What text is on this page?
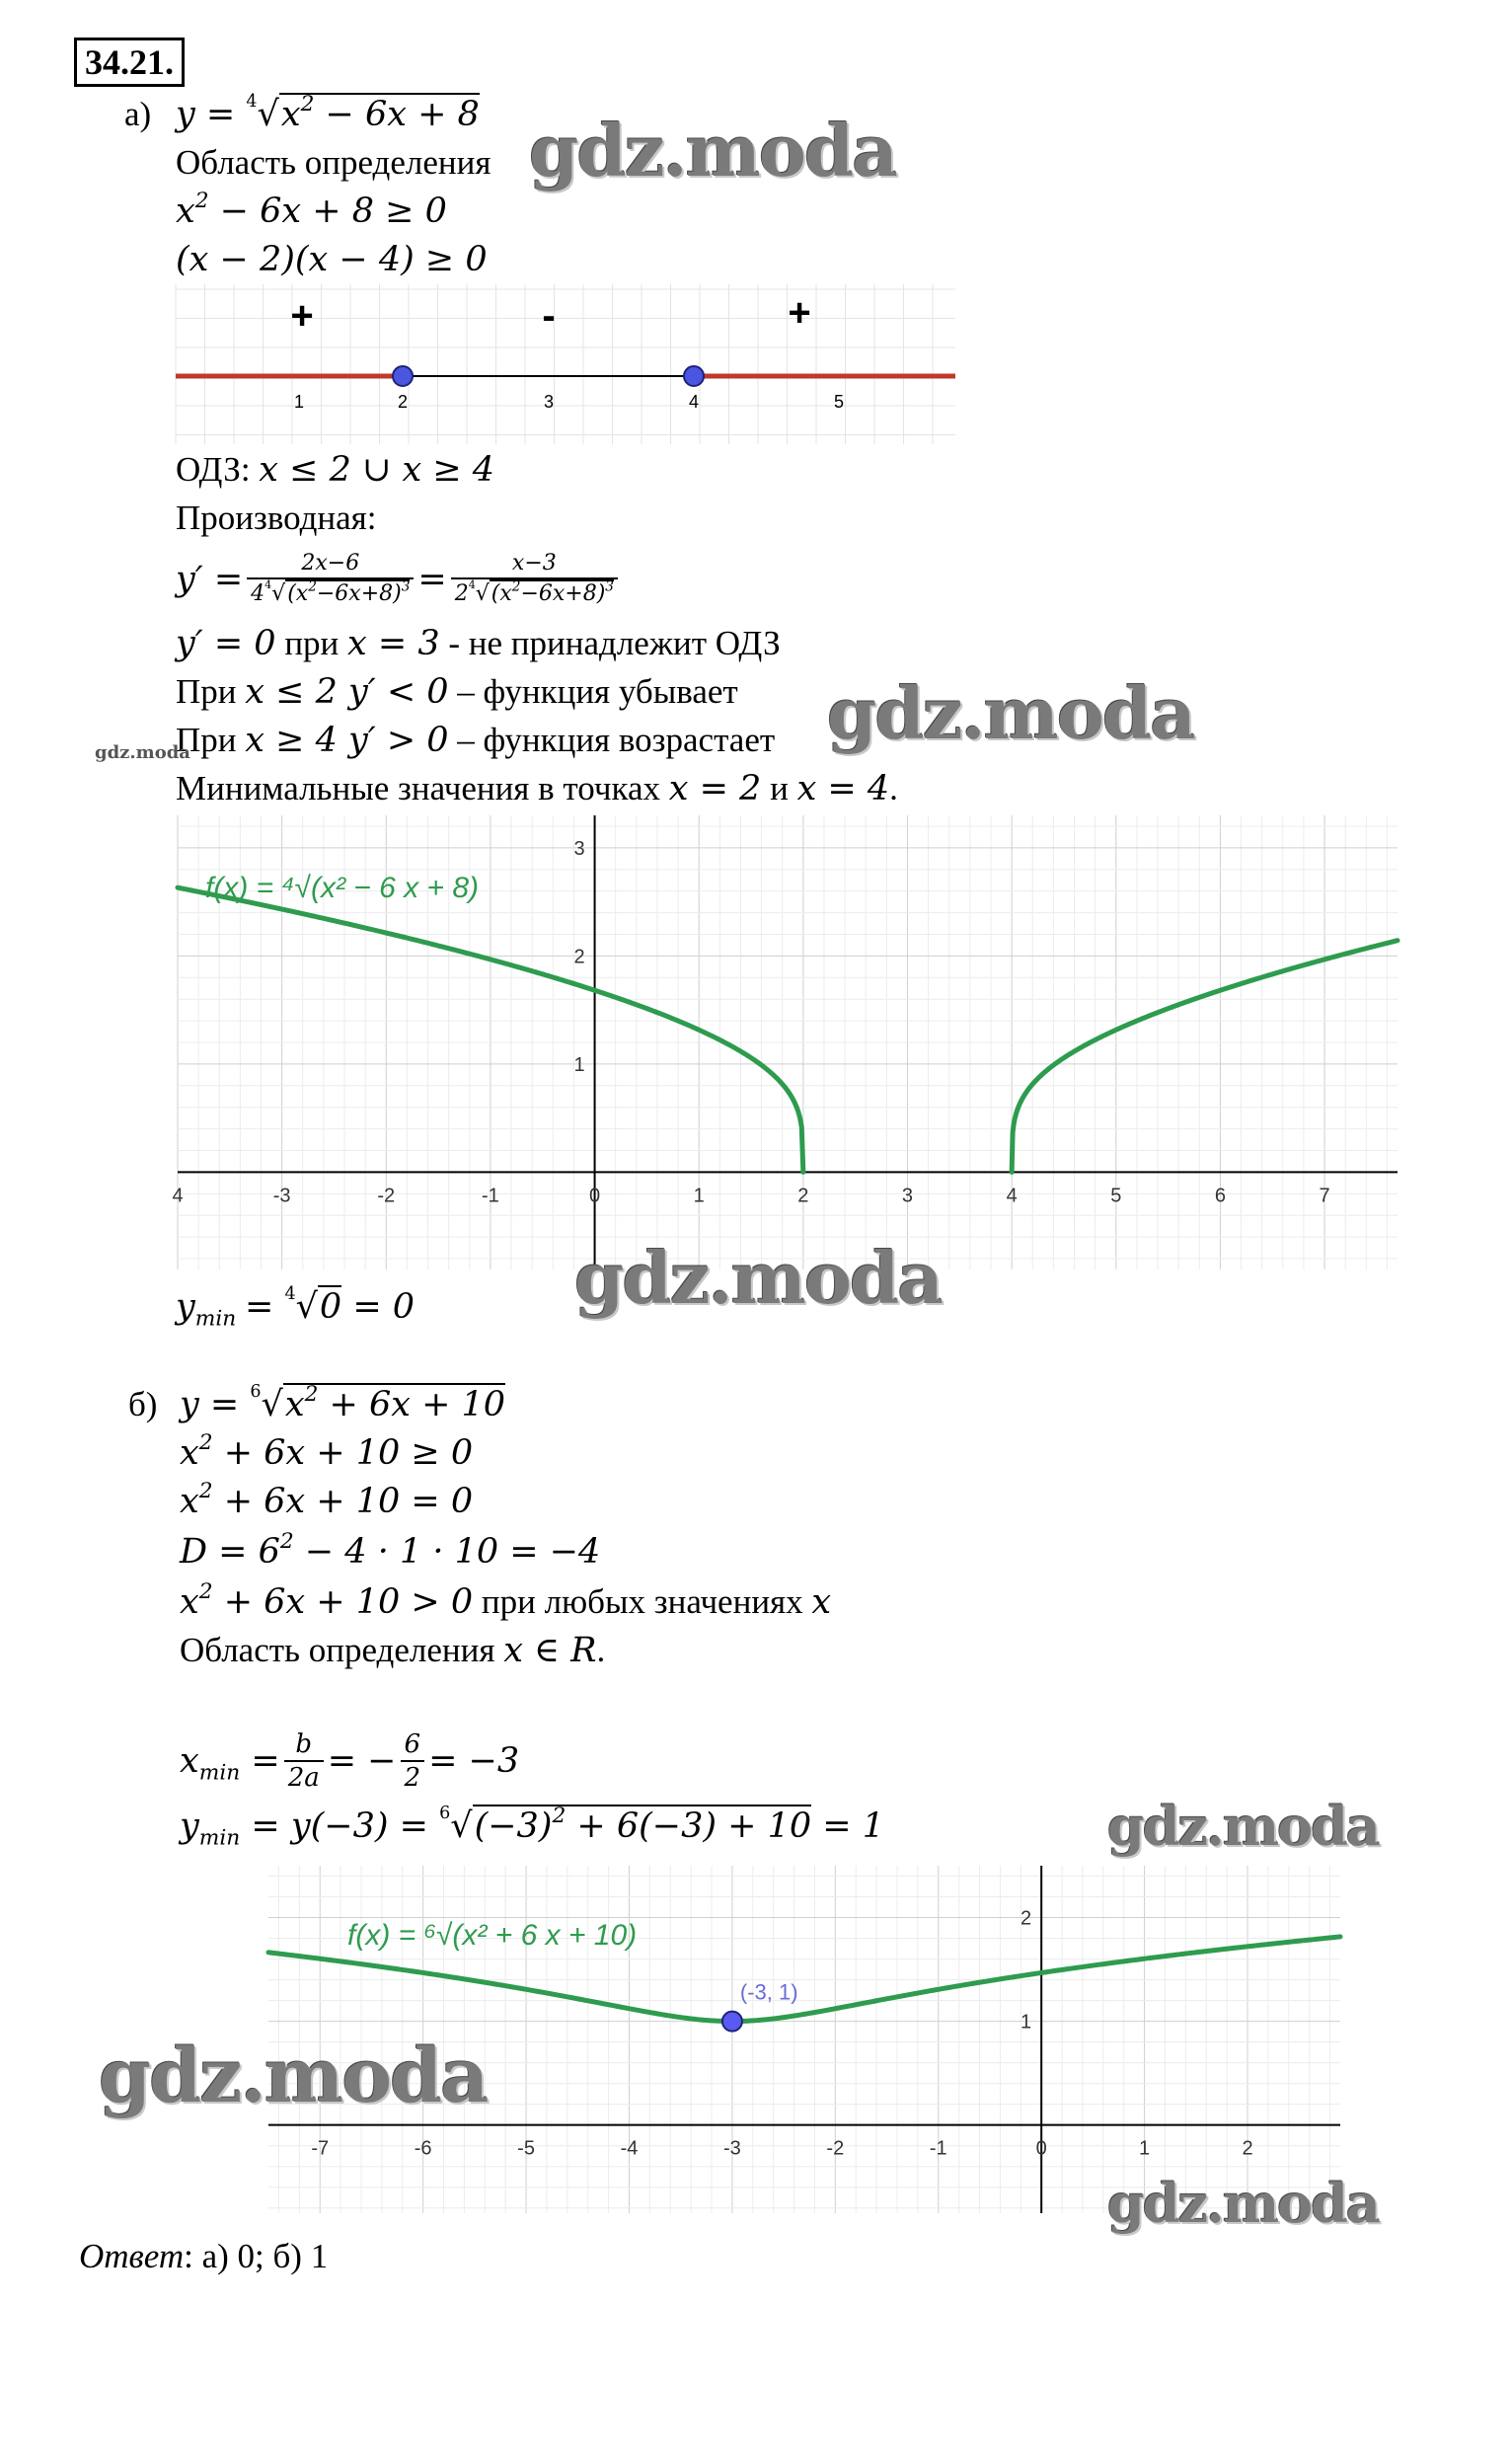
34.21.
а) $y = ^4√x^2 - 6x + 8$
Область определения
$x^2 - 6x + 8 \ge 0$
(x − 2)(x − 4) ≥ 0
1	2	3	4	5
+	-	+
ОДЗ: x ≤ 2 ∪ x ≥ 4
Производная:
$y' = \frac{2x-6}{4^4√(x^2-6x+8)^3} = \frac{x-3}{2^4√(x^2-6x+8)^3}$
y′ = 0 при x = 3 - не принадлежит ОДЗ
При x ≤ 2 y′ < 0 – функция убывает
При x ≥ 4 y′ > 0 – функция возрастает
Минимальные значения в точках x = 2 и x = 4.
4	-3	-2	-1	0	1	2	3	4	5	6	7
1
2
3
f(x) = ⁴√(x² − 6 x + 8)
$y_{min} = ^4√0 = 0$
б) $y = ^6√x^2 + 6x + 10$
$x^2 + 6x + 10 \ge 0$
$x^2 + 6x + 10 = 0$
$D = 6^2 - 4 \cdot 1 \cdot 10 = -4$
$x^2 + 6x + 10 > 0$ при любых значениях x
Область определения x ∈ R.
$x_{min} = \frac{b}{2a}$ = − $\frac{6}{2} = -3$
$y_{min} = y(-3) = ^6√(-3)^2 + 6(-3) + 10 = 1$
-7	-6	-5	-4	-3	-2	-1	0	1	2
1
2
f(x) = ⁶√(x² + 6 x + 10)
(-3, 1)
Ответ: а) 0; б) 1
gdz.moda
gdz.moda
gdz.moda
gdz.moda
gdz.moda
gdz.moda
gdz.moda
